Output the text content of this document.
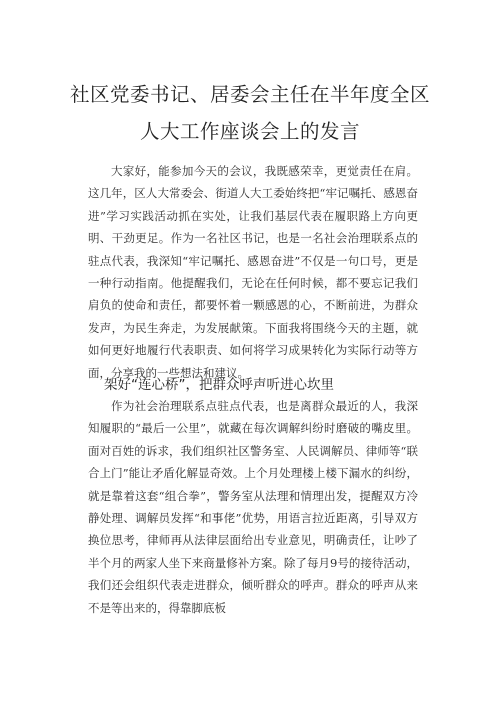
社区党委书记、居委会主任在半年度全区
人大工作座谈会上的发言

大家好，能参加今天的会议，我既感荣幸，更觉责任在肩。这几年，区人大常委会、街道人大工委始终把“牢记嘱托、感恩奋进”学习实践活动抓在实处，让我们基层代表在履职路上方向更明、干劲更足。作为一名社区书记，也是一名社会治理联系点的驻点代表，我深知“牢记嘱托、感恩奋进”不仅是一句口号，更是一种行动指南。他提醒我们，无论在任何时候，都不要忘记我们肩负的使命和责任，都要怀着一颗感恩的心，不断前进，为群众发声，为民生奔走，为发展献策。下面我将围绕今天的主题，就如何更好地履行代表职责、如何将学习成果转化为实际行动等方面，分享我的一些想法和建议。

架好“连心桥”，把群众呼声听进心坎里

作为社会治理联系点驻点代表，也是离群众最近的人，我深知履职的“最后一公里”，就藏在每次调解纠纷时磨破的嘴皮里。面对百姓的诉求，我们组织社区警务室、人民调解员、律师等“联合上门”能让矛盾化解显奇效。上个月处理楼上楼下漏水的纠纷，就是靠着这套“组合拳”，警务室从法理和情理出发，提醒双方冷静处理、调解员发挥“和事佬”优势，用语言拉近距离，引导双方换位思考，律师再从法律层面给出专业意见，明确责任，让吵了半个月的两家人坐下来商量修补方案。除了每月9号的接待活动，我们还会组织代表走进群众，倾听群众的呼声。群众的呼声从来不是等出来的，得靠脚底板
